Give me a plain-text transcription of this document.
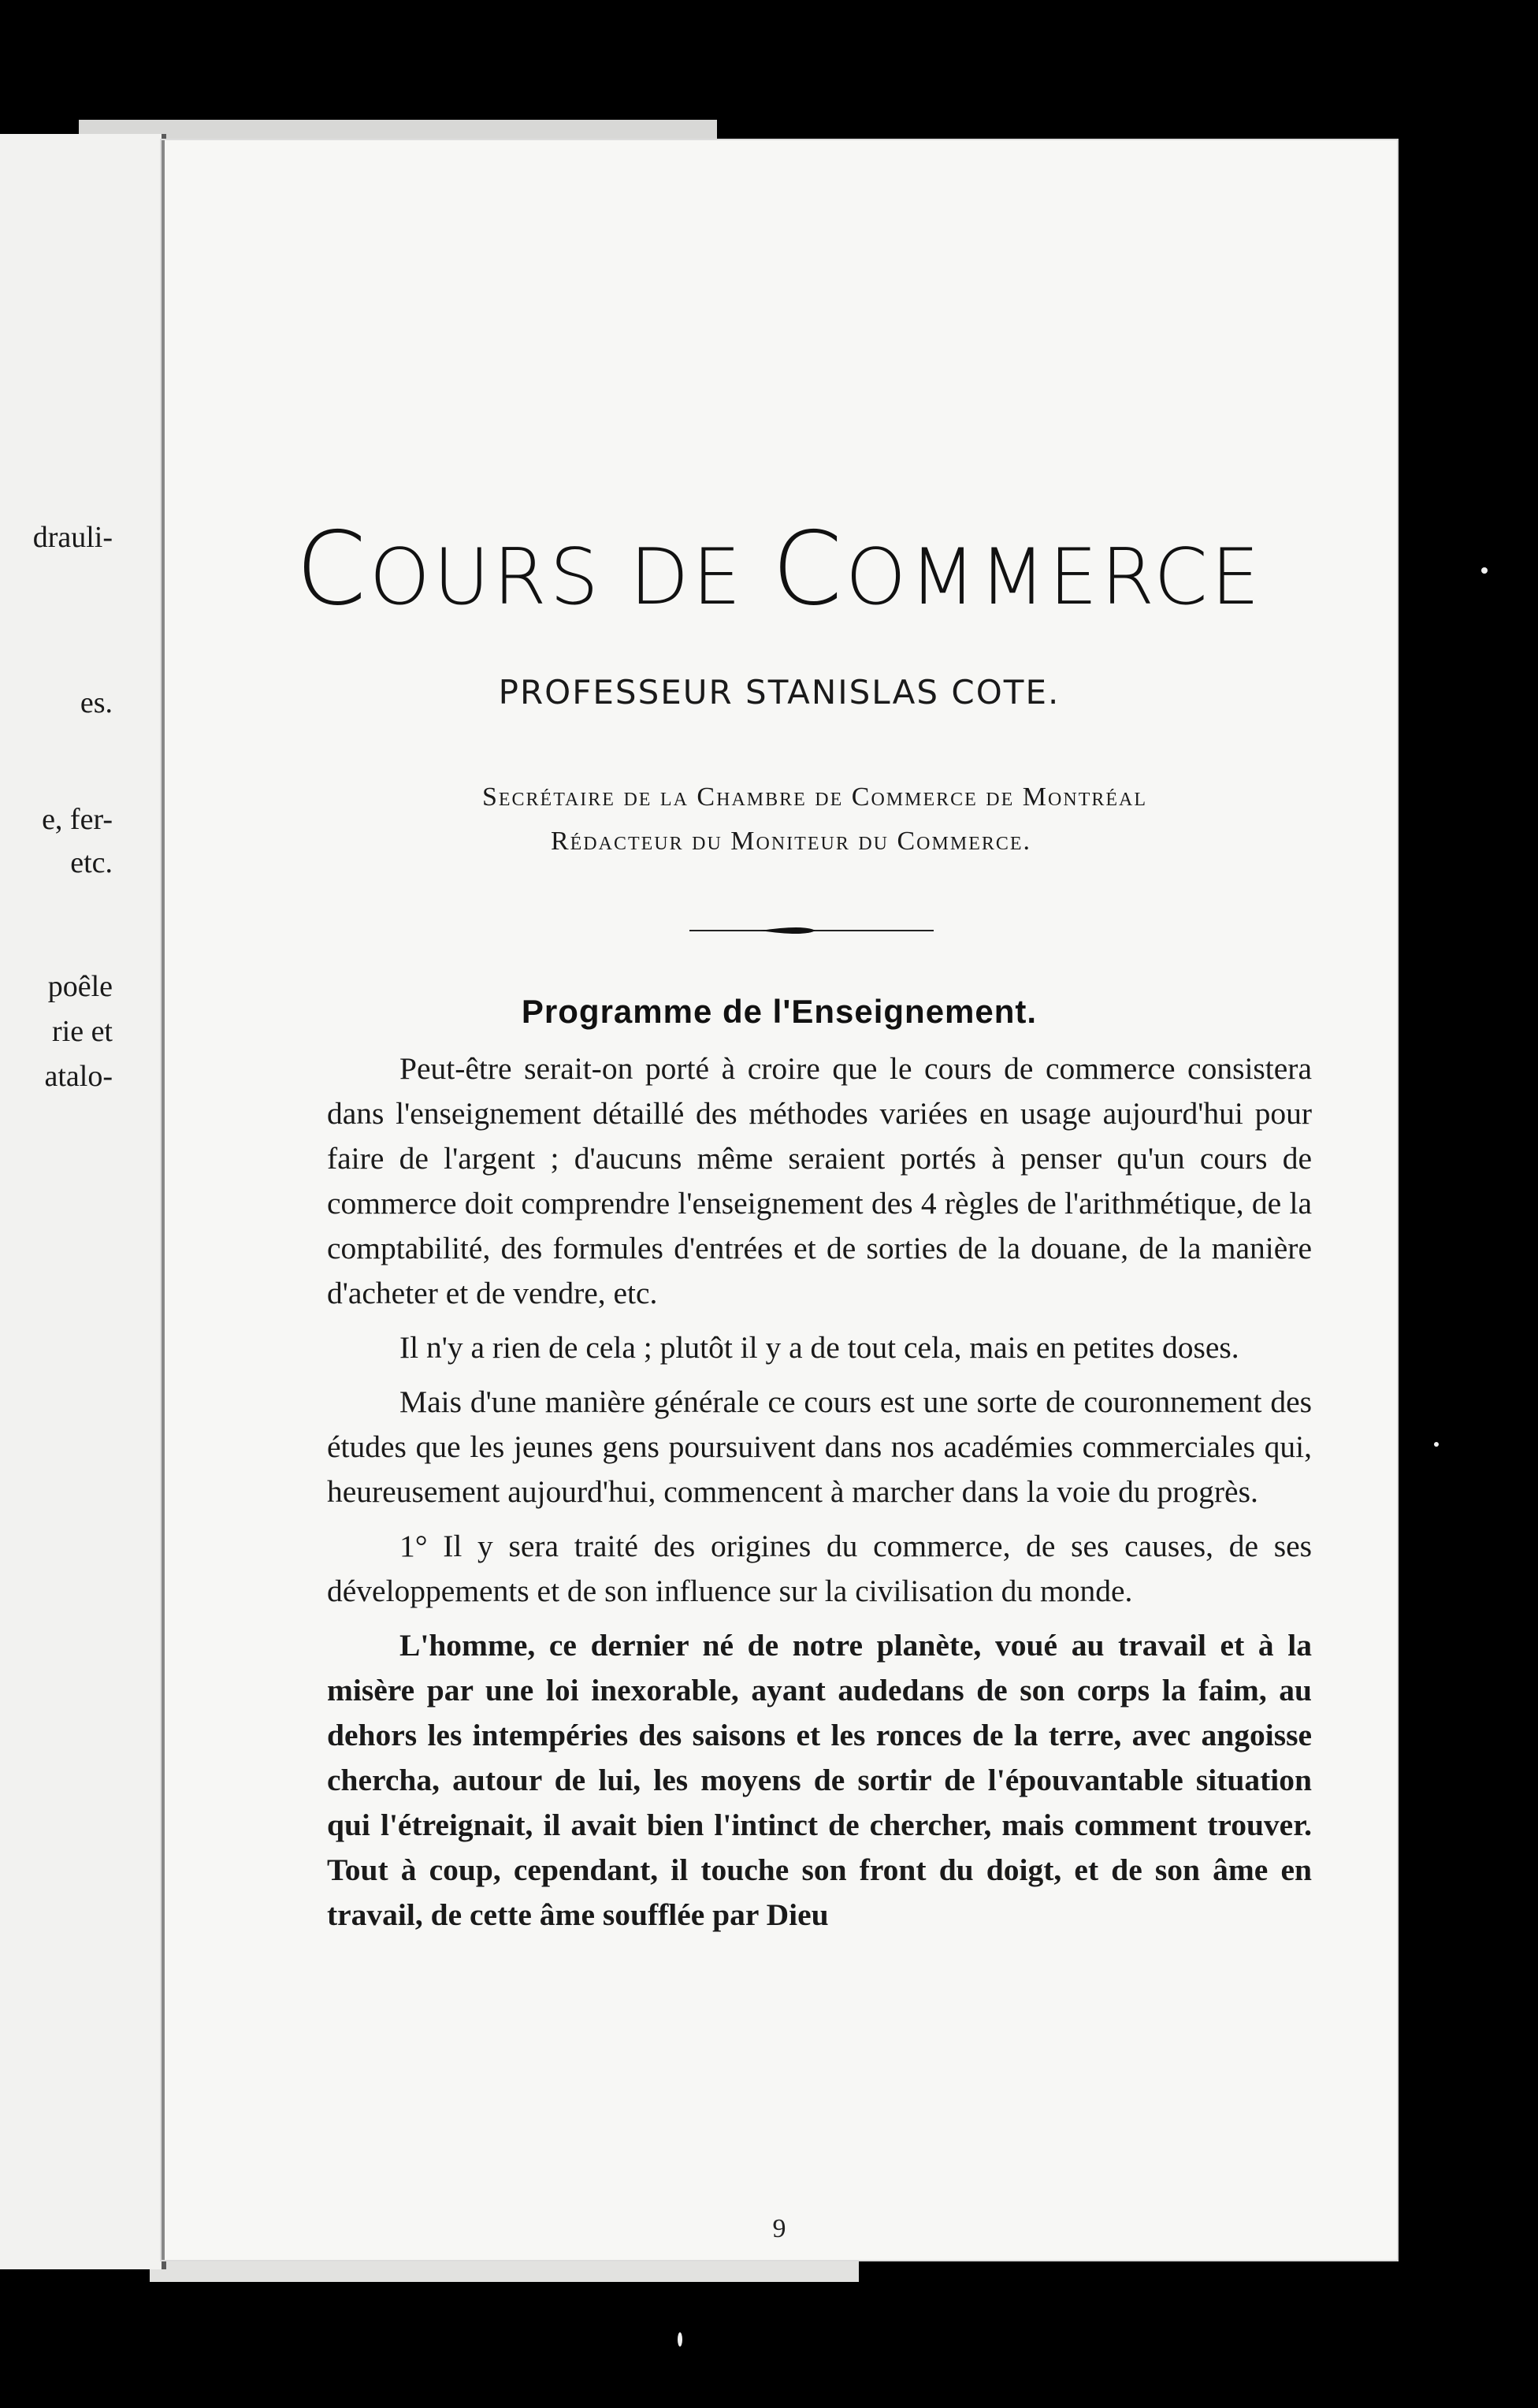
drauli-
es.
e, fer-
etc.
poêle
rie et
atalo-
COURS DE COMMERCE
PROFESSEUR STANISLAS COTE.
Secrétaire de la Chambre de Commerce de Montréal
Rédacteur du Moniteur du Commerce.
Programme de l'Enseignement.

Peut-être serait-on porté à croire que le cours de commerce consistera dans l'enseignement détaillé des méthodes variées en usage aujourd'hui pour faire de l'argent ; d'aucuns même seraient portés à penser qu'un cours de commerce doit comprendre l'enseignement des 4 règles de l'arithmétique, de la comptabilité, des formules d'entrées et de sorties de la douane, de la manière d'acheter et de vendre, etc.

Il n'y a rien de cela ; plutôt il y a de tout cela, mais en petites doses.

Mais d'une manière générale ce cours est une sorte de couronnement des études que les jeunes gens poursuivent dans nos académies commerciales qui, heureusement aujourd'hui, commencent à marcher dans la voie du progrès.

1° Il y sera traité des origines du commerce, de ses causes, de ses développements et de son influence sur la civilisation du monde.

L'homme, ce dernier né de notre planète, voué au travail et à la misère par une loi inexorable, ayant audedans de son corps la faim, au dehors les intempéries des saisons et les ronces de la terre, avec angoisse chercha, autour de lui, les moyens de sortir de l'épouvantable situation qui l'étreignait, il avait bien l'intinct de chercher, mais comment trouver. Tout à coup, cependant, il touche son front du doigt, et de son âme en travail, de cette âme soufflée par Dieu

9
